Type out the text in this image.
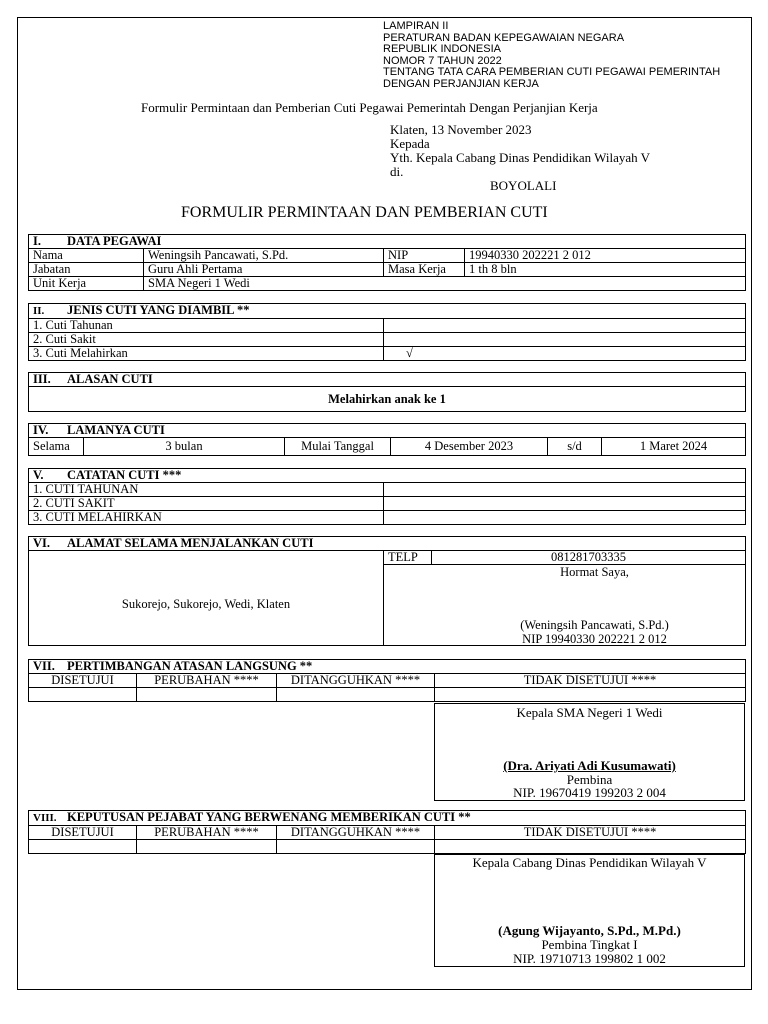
LAMPIRAN II
PERATURAN BADAN KEPEGAWAIAN NEGARA
REPUBLIK INDONESIA
NOMOR 7 TAHUN 2022
TENTANG TATA CARA PEMBERIAN CUTI PEGAWAI PEMERINTAH
DENGAN PERJANJIAN KERJA
Formulir Permintaan dan Pemberian Cuti Pegawai Pemerintah Dengan Perjanjian Kerja
Klaten, 13 November 2023
Kepada
Yth. Kepala Cabang Dinas Pendidikan Wilayah V
di.
BOYOLALI
FORMULIR PERMINTAAN DAN PEMBERIAN CUTI
I. DATA PEGAWAI			
Nama	Weningsih Pancawati, S.Pd.	NIP	19940330 202221 2 012
Jabatan	Guru Ahli Pertama	Masa Kerja	1 th 8 bln
Unit Kerja	SMA Negeri 1 Wedi		
II. JENIS CUTI YANG DIAMBIL **	
1. Cuti Tahunan	
2. Cuti Sakit	
3. Cuti Melahirkan	√
III. ALASAN CUTI
Melahirkan anak ke 1
IV. LAMANYA CUTI
Selama	3 bulan	Mulai Tanggal	4 Desember 2023	s/d	1 Maret 2024
V. CATATAN CUTI ***	
1. CUTI TAHUNAN	
2. CUTI SAKIT	
3. CUTI MELAHIRKAN	
VI. ALAMAT SELAMA MENJALANKAN CUTI		
	TELP	081281703335
Sukorejo, Sukorejo, Wedi, Klaten	Hormat Saya,
(Weningsih Pancawati, S.Pd.)
NIP 19940330 202221 2 012	
VII. PERTIMBANGAN ATASAN LANGSUNG **			
DISETUJUI	PERUBAHAN ****	DITANGGUHKAN ****	TIDAK DISETUJUI ****

Kepala SMA Negeri 1 Wedi
(Dra. Ariyati Adi Kusumawati)
Pembina
NIP. 19670419 199203 2 004
VIII. KEPUTUSAN PEJABAT YANG BERWENANG MEMBERIKAN CUTI **			
DISETUJUI	PERUBAHAN ****	DITANGGUHKAN ****	TIDAK DISETUJUI ****

Kepala Cabang Dinas Pendidikan Wilayah V
(Agung Wijayanto, S.Pd., M.Pd.)
Pembina Tingkat I
NIP. 19710713 199802 1 002
